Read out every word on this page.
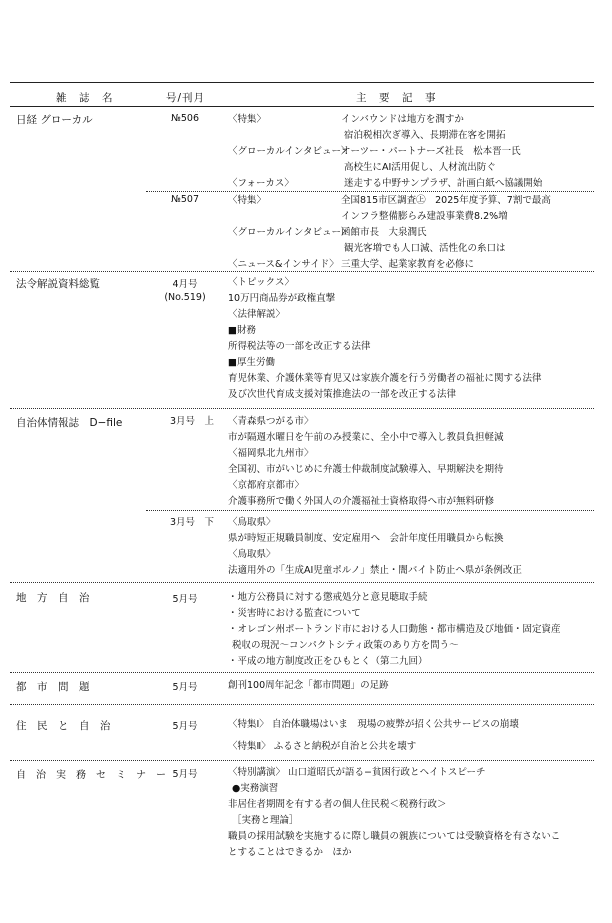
雑　誌　名	号/刊月	主　要　記　事
日経 グローカル	№506	〈特集〉	インバウンドは地方を潤すか
宿泊税相次ぎ導入、長期滞在客を開拓
〈グローカルインタビュー〉
オーツー・パートナーズ社長　松本晋一氏
高校生にAI活用促し、人材流出防ぐ
〈フォーカス〉	迷走する中野サンプラザ、計画白紙へ協議開始
№507	〈特集〉	全国815市区調査㊤　2025年度予算、7割で最高
インフラ整備膨らみ建設事業費8.2%増
〈グローカルインタビュー〉
函館市長　大泉潤氏
観光客増でも人口減、活性化の糸口は
〈ニュース&インサイド〉 三重大学、起業家教育を必修に
法令解説資料総覧	4月号
(No.519)
〈トピックス〉
10万円商品券が政権直撃
〈法律解説〉
■財務
所得税法等の一部を改正する法律
■厚生労働
育児休業、介護休業等育児又は家族介護を行う労働者の福祉に関する法律
及び次世代育成支援対策推進法の一部を改正する法律
自治体情報誌　D−file	3月号　上 〈青森県つがる市〉
市が隔週水曜日を午前のみ授業に、全小中で導入し教員負担軽減
〈福岡県北九州市〉
全国初、市がいじめに弁護士仲裁制度試験導入、早期解決を期待
〈京都府京都市〉
介護事務所で働く外国人の介護福祉士資格取得へ市が無料研修
3月号　下 〈鳥取県〉
県が時短正規職員制度、安定雇用へ　会計年度任用職員から転換
〈鳥取県〉
法適用外の「生成AI児童ポルノ」禁止・闇バイト防止へ県が条例改正
地　方　自　治	5月号	・地方公務員に対する懲戒処分と意見聴取手続
・災害時における監査について
・オレゴン州ポートランド市における人口動態・都市構造及び地価・固定資産
税収の現況〜コンパクトシティ政策のあり方を問う〜
・平成の地方制度改正をひもとく（第二九回）
都　市　問　題	5月号	創刊100周年記念「都市問題」の足跡
住　民　と　自　治	5月号	〈特集Ⅰ〉 自治体職場はいま　現場の疲弊が招く公共サービスの崩壊
〈特集Ⅱ〉 ふるさと納税が自治と公共を壊す
自　治　実　務　セ　ミ　ナ　ー 5月号	〈特別講演〉 山口道昭氏が語る−貧困行政とヘイトスピーチ
●実務演習
非居住者期間を有する者の個人住民税＜税務行政＞
［実務と理論］
職員の採用試験を実施するに際し職員の親族については受験資格を有さないこ
とすることはできるか　ほか
